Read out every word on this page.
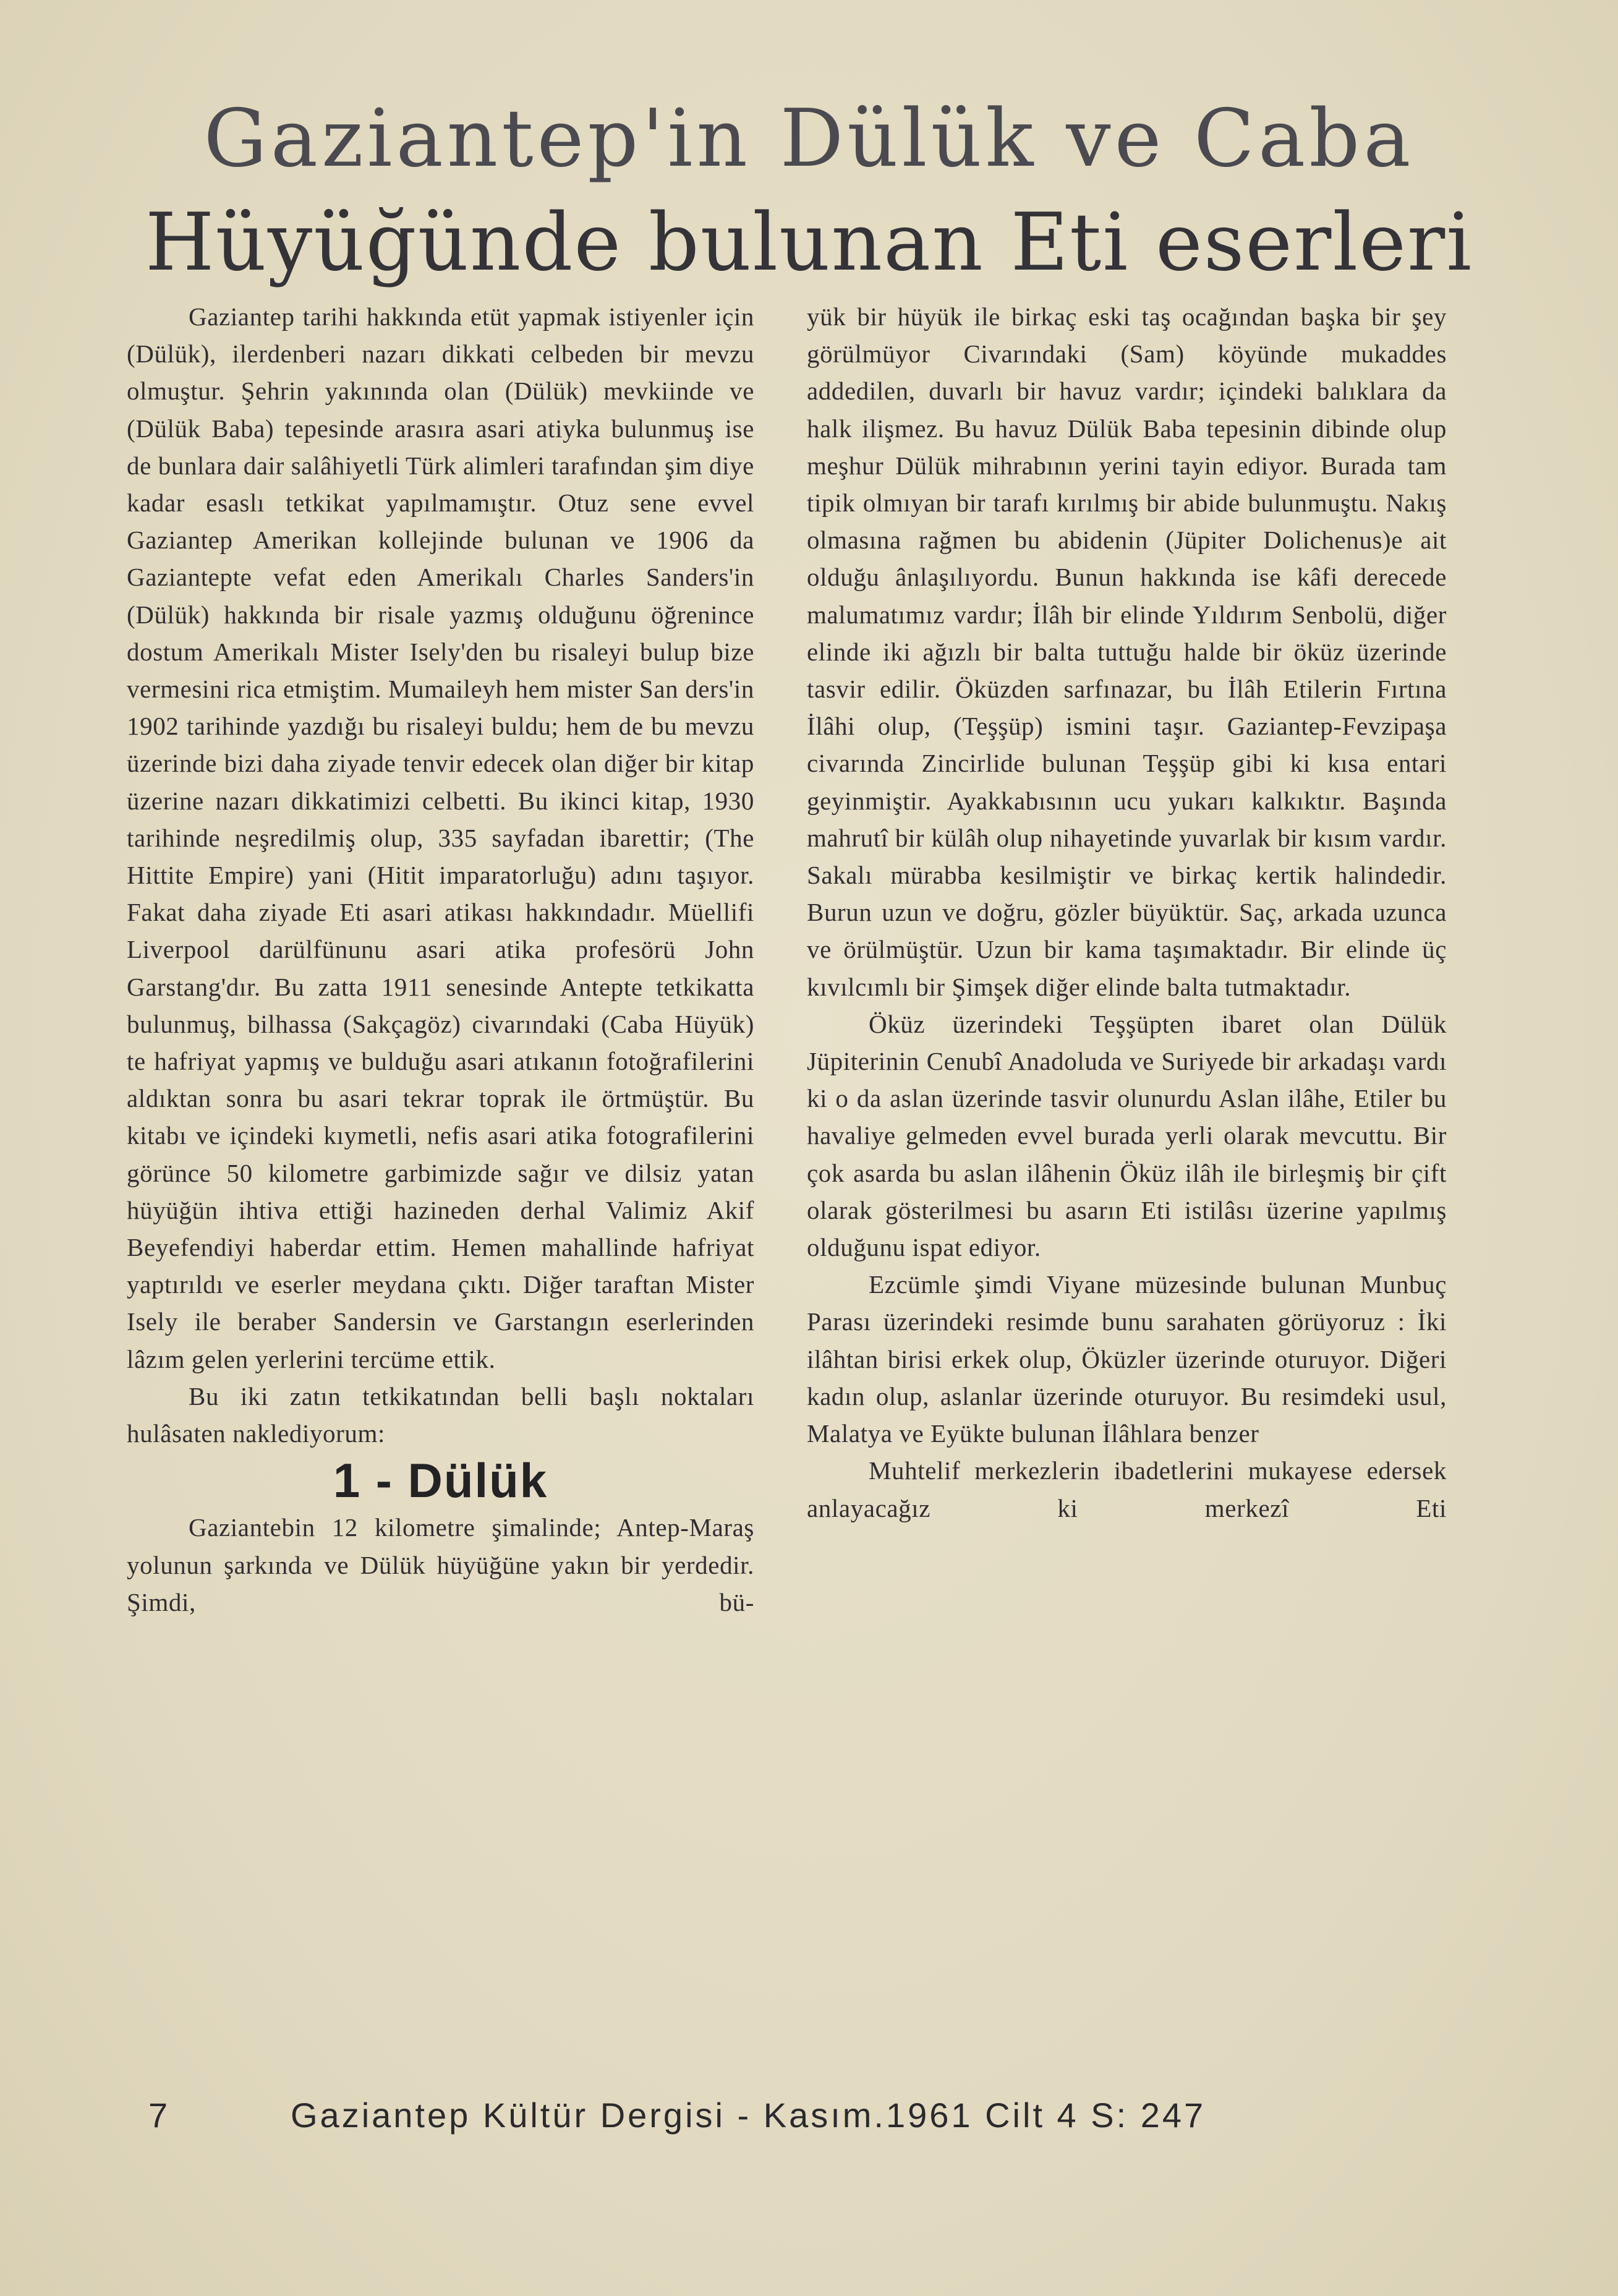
Gaziantep'in Dülük ve Caba
Hüyüğünde bulunan Eti eserleri

Gaziantep tarihi hakkında etüt yapmak istiyenler için (Dülük), ilerdenberi nazarı dikkati celbeden bir mevzu olmuştur. Şehrin yakınında olan (Dülük) mevkiinde ve (Dülük Baba) tepesinde arasıra asari atiyka bulunmuş ise de bunlara dair salâhiyetli Türk alimleri tarafından şim diye kadar esaslı tetkikat yapılmamıştır. Otuz sene evvel Gaziantep Amerikan kollejinde bulunan ve 1906 da Gaziantepte vefat eden Amerikalı Charles Sanders'in (Dülük) hakkında bir risale yazmış olduğunu öğrenince dostum Amerikalı Mister Isely'den bu risaleyi bulup bize vermesini rica etmiştim. Mumaileyh hem mister San ders'in 1902 tarihinde yazdığı bu risaleyi buldu; hem de bu mevzu üzerinde bizi daha ziyade tenvir edecek olan diğer bir kitap üzerine nazarı dikkatimizi celbetti. Bu ikinci kitap, 1930 tarihinde neşredilmiş olup, 335 sayfadan ibarettir; (The Hittite Empire) yani (Hitit imparatorluğu) adını taşıyor. Fakat daha ziyade Eti asari atikası hakkındadır. Müellifi Liverpool darülfünunu asari atika profesörü John Garstang'dır. Bu zatta 1911 senesinde Antepte tetkikatta bulunmuş, bilhassa (Sakçagöz) civarındaki (Caba Hüyük) te hafriyat yapmış ve bulduğu asari atıkanın fotoğrafilerini aldıktan sonra bu asari tekrar toprak ile örtmüştür. Bu kitabı ve içindeki kıymetli, nefis asari atika fotografilerini görünce 50 kilometre garbimizde sağır ve dilsiz yatan hüyüğün ihtiva ettiği hazineden derhal Valimiz Akif Beyefendiyi haberdar ettim. Hemen mahallinde hafriyat yaptırıldı ve eserler meydana çıktı. Diğer taraftan Mister Isely ile beraber Sandersin ve Garstangın eserlerinden lâzım gelen yerlerini tercüme ettik.

Bu iki zatın tetkikatından belli başlı noktaları hulâsaten naklediyorum:

1 - Dülük

Gaziantebin 12 kilometre şimalinde; Antep-Maraş yolunun şarkında ve Dülük hüyüğüne yakın bir yerdedir. Şimdi, bü-

yük bir hüyük ile birkaç eski taş ocağından başka bir şey görülmüyor Civarındaki (Sam) köyünde mukaddes addedilen, duvarlı bir havuz vardır; içindeki balıklara da halk ilişmez. Bu havuz Dülük Baba tepesinin dibinde olup meşhur Dülük mihrabının yerini tayin ediyor. Burada tam tipik olmıyan bir tarafı kırılmış bir abide bulunmuştu. Nakış olmasına rağmen bu abidenin (Jüpiter Dolichenus)e ait olduğu ânlaşılıyordu. Bunun hakkında ise kâfi derecede malumatımız vardır; İlâh bir elinde Yıldırım Senbolü, diğer elinde iki ağızlı bir balta tuttuğu halde bir öküz üzerinde tasvir edilir. Öküzden sarfınazar, bu İlâh Etilerin Fırtına İlâhi olup, (Teşşüp) ismini taşır. Gaziantep-Fevzipaşa civarında Zincirlide bulunan Teşşüp gibi ki kısa entari geyinmiştir. Ayakkabısının ucu yukarı kalkıktır. Başında mahrutî bir külâh olup nihayetinde yuvarlak bir kısım vardır. Sakalı mürabba kesilmiştir ve birkaç kertik halindedir. Burun uzun ve doğru, gözler büyüktür. Saç, arkada uzunca ve örülmüştür. Uzun bir kama taşımaktadır. Bir elinde üç kıvılcımlı bir Şimşek diğer elinde balta tutmaktadır.

Öküz üzerindeki Teşşüpten ibaret olan Dülük Jüpiterinin Cenubî Anadoluda ve Suriyede bir arkadaşı vardı ki o da aslan üzerinde tasvir olunurdu Aslan ilâhe, Etiler bu havaliye gelmeden evvel burada yerli olarak mevcuttu. Bir çok asarda bu aslan ilâhenin Öküz ilâh ile birleşmiş bir çift olarak gösterilmesi bu asarın Eti istilâsı üzerine yapılmış olduğunu ispat ediyor.

Ezcümle şimdi Viyane müzesinde bulunan Munbuç Parası üzerindeki resimde bunu sarahaten görüyoruz : İki ilâhtan birisi erkek olup, Öküzler üzerinde oturuyor. Diğeri kadın olup, aslanlar üzerinde oturuyor. Bu resimdeki usul, Malatya ve Eyükte bulunan İlâhlara benzer

Muhtelif merkezlerin ibadetlerini mukayese edersek anlayacağız ki merkezî Eti

7	Gaziantep Kültür Dergisi - Kasım.1961 Cilt 4 S: 247
